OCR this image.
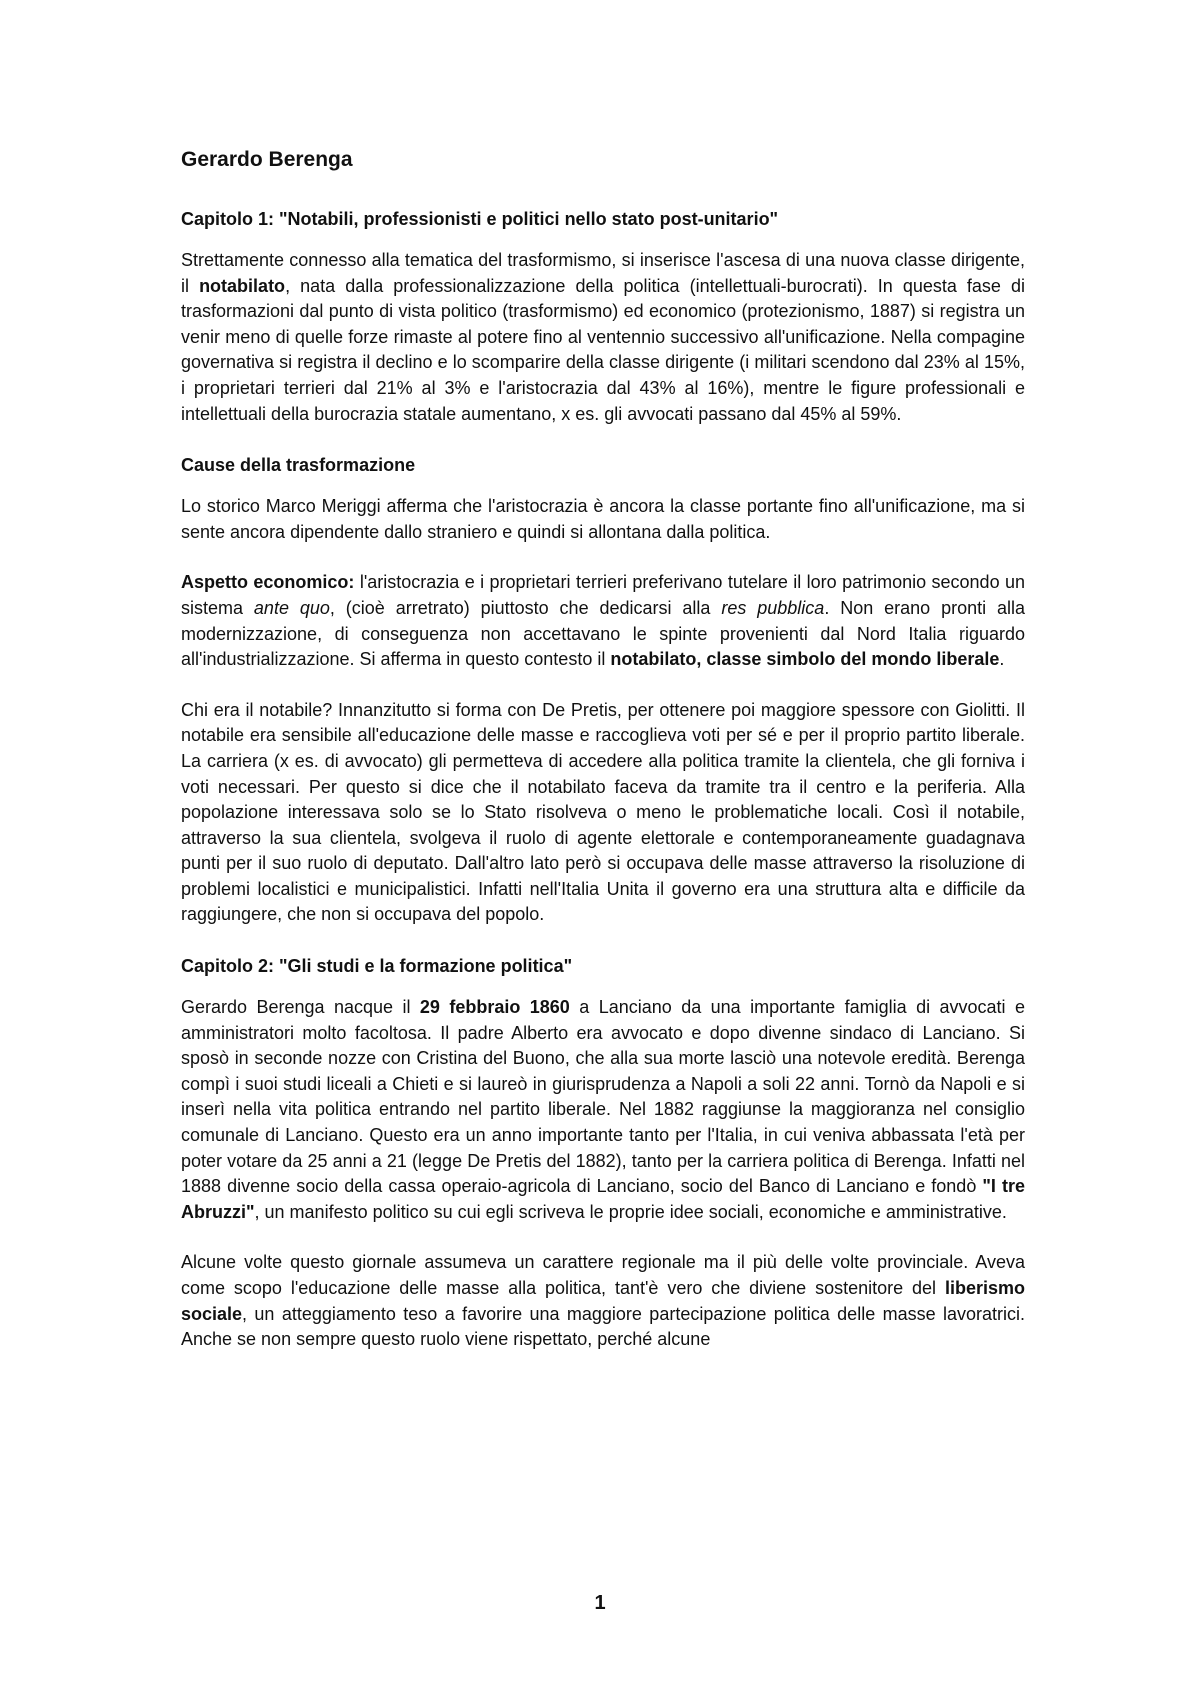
Gerardo Berenga
Capitolo 1: "Notabili, professionisti e politici nello stato post-unitario"

Strettamente connesso alla tematica del trasformismo, si inserisce l'ascesa di una nuova classe dirigente, il notabilato, nata dalla professionalizzazione della politica (intellettuali-burocrati). In questa fase di trasformazioni dal punto di vista politico (trasformismo) ed economico (protezionismo, 1887) si registra un venir meno di quelle forze rimaste al potere fino al ventennio successivo all'unificazione. Nella compagine governativa si registra il declino e lo scomparire della classe dirigente (i militari scendono dal 23% al 15%, i proprietari terrieri dal 21% al 3% e l'aristocrazia dal 43% al 16%), mentre le figure professionali e intellettuali della burocrazia statale aumentano, x es. gli avvocati passano dal 45% al 59%.

Cause della trasformazione

Lo storico Marco Meriggi afferma che l'aristocrazia è ancora la classe portante fino all'unificazione, ma si sente ancora dipendente dallo straniero e quindi si allontana dalla politica.

Aspetto economico: l'aristocrazia e i proprietari terrieri preferivano tutelare il loro patrimonio secondo un sistema ante quo, (cioè arretrato) piuttosto che dedicarsi alla res pubblica. Non erano pronti alla modernizzazione, di conseguenza non accettavano le spinte provenienti dal Nord Italia riguardo all'industrializzazione. Si afferma in questo contesto il notabilato, classe simbolo del mondo liberale.

Chi era il notabile? Innanzitutto si forma con De Pretis, per ottenere poi maggiore spessore con Giolitti. Il notabile era sensibile all'educazione delle masse e raccoglieva voti per sé e per il proprio partito liberale. La carriera (x es. di avvocato) gli permetteva di accedere alla politica tramite la clientela, che gli forniva i voti necessari. Per questo si dice che il notabilato faceva da tramite tra il centro e la periferia. Alla popolazione interessava solo se lo Stato risolveva o meno le problematiche locali. Così il notabile, attraverso la sua clientela, svolgeva il ruolo di agente elettorale e contemporaneamente guadagnava punti per il suo ruolo di deputato. Dall'altro lato però si occupava delle masse attraverso la risoluzione di problemi localistici e municipalistici. Infatti nell'Italia Unita il governo era una struttura alta e difficile da raggiungere, che non si occupava del popolo.

Capitolo 2: "Gli studi e la formazione politica"

Gerardo Berenga nacque il 29 febbraio 1860 a Lanciano da una importante famiglia di avvocati e amministratori molto facoltosa. Il padre Alberto era avvocato e dopo divenne sindaco di Lanciano. Si sposò in seconde nozze con Cristina del Buono, che alla sua morte lasciò una notevole eredità. Berenga compì i suoi studi liceali a Chieti e si laureò in giurisprudenza a Napoli a soli 22 anni. Tornò da Napoli e si inserì nella vita politica entrando nel partito liberale. Nel 1882 raggiunse la maggioranza nel consiglio comunale di Lanciano. Questo era un anno importante tanto per l'Italia, in cui veniva abbassata l'età per poter votare da 25 anni a 21 (legge De Pretis del 1882), tanto per la carriera politica di Berenga. Infatti nel 1888 divenne socio della cassa operaio-agricola di Lanciano, socio del Banco di Lanciano e fondò "I tre Abruzzi", un manifesto politico su cui egli scriveva le proprie idee sociali, economiche e amministrative.

Alcune volte questo giornale assumeva un carattere regionale ma il più delle volte provinciale. Aveva come scopo l'educazione delle masse alla politica, tant'è vero che diviene sostenitore del liberismo sociale, un atteggiamento teso a favorire una maggiore partecipazione politica delle masse lavoratrici. Anche se non sempre questo ruolo viene rispettato, perché alcune

1
